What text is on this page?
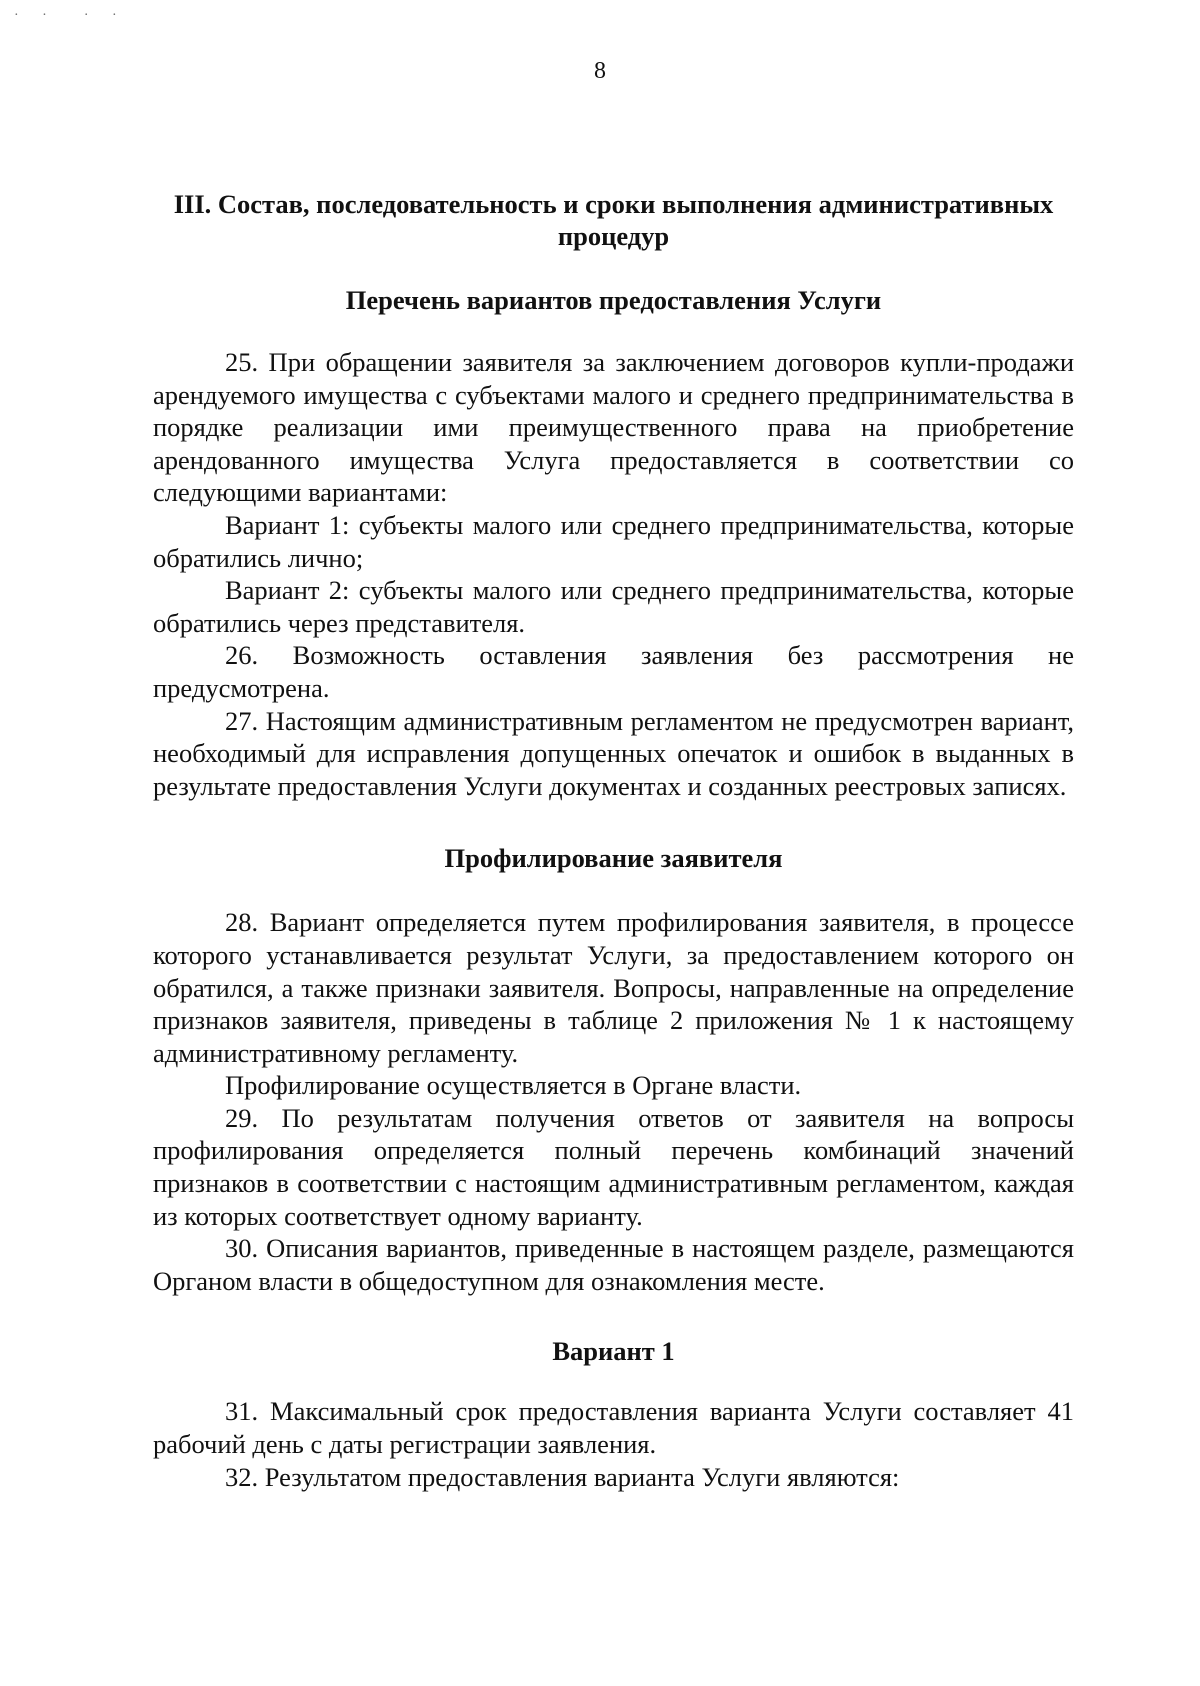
· ·  · ·
8
III. Состав, последовательность и сроки выполнения административных процедур
Перечень вариантов предоставления Услуги

25. При обращении заявителя за заключением договоров купли-продажи арендуемого имущества с субъектами малого и среднего предпринимательства в порядке реализации ими преимущественного права на приобретение арендованного имущества Услуга предоставляется в соответствии со следующими вариантами:

Вариант 1: субъекты малого или среднего предпринимательства, которые обратились лично;

Вариант 2: субъекты малого или среднего предпринимательства, которые обратились через представителя.

26. Возможность оставления заявления без рассмотрения не предусмотрена.

27. Настоящим административным регламентом не предусмотрен вариант, необходимый для исправления допущенных опечаток и ошибок в выданных в результате предоставления Услуги документах и созданных реестровых записях.

Профилирование заявителя

28. Вариант определяется путем профилирования заявителя, в процессе которого устанавливается результат Услуги, за предоставлением которого он обратился, а также признаки заявителя. Вопросы, направленные на определение признаков заявителя, приведены в таблице 2 приложения № 1 к настоящему административному регламенту.

Профилирование осуществляется в Органе власти.

29. По результатам получения ответов от заявителя на вопросы профилирования определяется полный перечень комбинаций значений признаков в соответствии с настоящим административным регламентом, каждая из которых соответствует одному варианту.

30. Описания вариантов, приведенные в настоящем разделе, размещаются Органом власти в общедоступном для ознакомления месте.

Вариант 1

31. Максимальный срок предоставления варианта Услуги составляет 41 рабочий день с даты регистрации заявления.

32. Результатом предоставления варианта Услуги являются:
